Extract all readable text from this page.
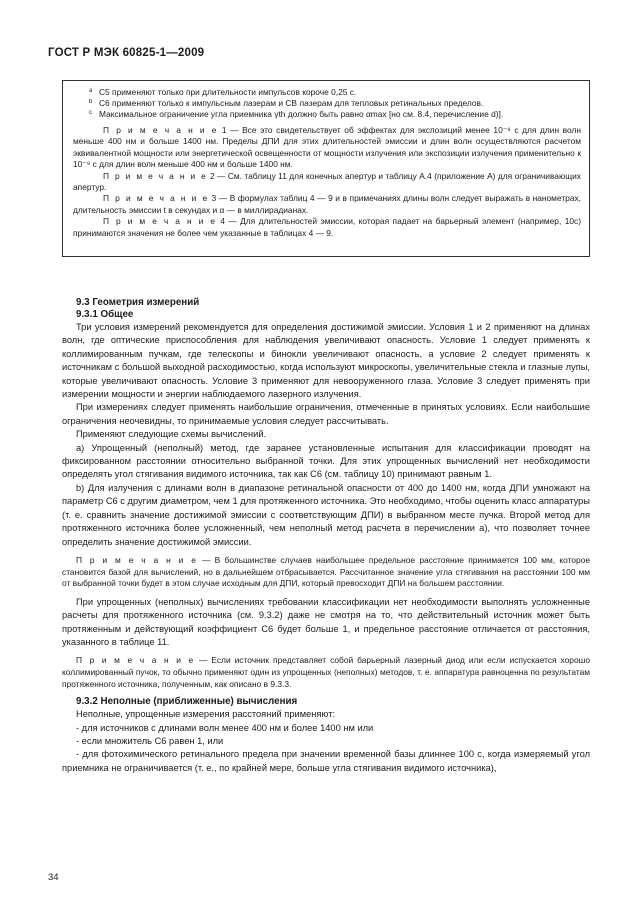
ГОСТ Р МЭК 60825-1—2009
a C5 применяют только при длительности импульсов короче 0,25 с.
b C6 применяют только к импульсным лазерам и СВ лазерам для тепловых ретинальных пределов.
c Максимальное ограничение угла приемника γth должно быть равно αmax [но см. 8.4, перечисление d)].
П р и м е ч а н и е 1 — Все это свидетельствует об эффектах для экспозиций менее 10⁻⁹ с для длин волн меньше 400 нм и больше 1400 нм. Пределы ДПИ для этих длительностей эмиссии и длин волн осуществляются расчетом эквивалентной мощности или энергетической освещенности от мощности излучения или экспозиции излучения применительно к 10⁻⁹ с для длин волн меньше 400 нм и больше 1400 нм.
П р и м е ч а н и е 2 — См. таблицу 11 для конечных апертур и таблицу А.4 (приложение А) для ограничивающих апертур.
П р и м е ч а н и е 3 — В формулах таблиц 4 — 9 и в примечаниях длины волн следует выражать в нанометрах, длительность эмиссии t в секундах и α — в миллирадианах.
П р и м е ч а н и е 4 — Для длительностей эмиссии, которая падает на барьерный элемент (например, 10с) принимаются значения не более чем указанные в таблицах 4 — 9.
9.3 Геометрия измерений
9.3.1 Общее

Три условия измерений рекомендуется для определения достижимой эмиссии. Условия 1 и 2 применяют на длинах волн, где оптические приспособления для наблюдения увеличивают опасность. Условие 1 следует применять к коллимированным пучкам, где телескопы и бинокли увеличивают опасность, а условие 2 следует применять к источникам с большой выходной расходимостью, когда используют микроскопы, увеличительные стекла и глазные лупы, которые увеличивают опасность. Условие 3 применяют для невооруженного глаза. Условие 3 следует применять при измерении мощности и энергии наблюдаемого лазерного излучения.

При измерениях следует применять наибольшие ограничения, отмеченные в принятых условиях. Если наибольшие ограничения неочевидны, то принимаемые условия следует рассчитывать.

Применяют следующие схемы вычислений.

а) Упрощенный (неполный) метод, где заранее установленные испытания для классификации проводят на фиксированном расстоянии относительно выбранной точки. Для этих упрощенных вычислений нет необходимости определять угол стягивания видимого источника, так как C6 (см. таблицу 10) принимают равным 1.

b) Для излучения с длинами волн в диапазоне ретинальной опасности от 400 до 1400 нм, когда ДПИ умножают на параметр C6 с другим диаметром, чем 1 для протяженного источника. Это необходимо, чтобы оценить класс аппаратуры (т. е. сравнить значение достижимой эмиссии с соответствующим ДПИ) в выбранном месте пучка. Второй метод для протяженного источника более усложненный, чем неполный метод расчета в перечислении а), что позволяет точнее определить значение достижимой эмиссии.

П р и м е ч а н и е — В большинстве случаев наибольшее предельное расстояние принимается 100 мм, которое становится базой для вычислений, но в дальнейшем отбрасывается. Рассчитанное значение угла стягивания на расстоянии 100 мм от выбранной точки будет в этом случае исходным для ДПИ, который превосходит ДПИ на большем расстоянии.

При упрощенных (неполных) вычислениях требовании классификации нет необходимости выполнять усложненные расчеты для протяженного источника (см. 9.3.2) даже не смотря на то, что действительный источник может быть протяженным и действующий коэффициент C6 будет больше 1, и предельное расстояние отличается от расстояния, указанного в таблице 11.

П р и м е ч а н и е — Если источник представляет собой барьерный лазерный диод или если испускается хорошо коллимированный пучок, то обычно применяют один из упрощенных (неполных) методов, т. е. аппаратура равноценна по результатам протяженного источника, полученным, как описано в 9.3.3.

9.3.2 Неполные (приближенные) вычисления

Неполные, упрощенные измерения расстояний применяют:

- для источников с длинами волн менее 400 нм и более 1400 нм или

- если множитель C6 равен 1, или

- для фотохимического ретинального предела при значении временной базы длиннее 100 с, когда измеряемый угол приемника не ограничивается (т. е., по крайней мере, больше угла стягивания видимого источника),

34
